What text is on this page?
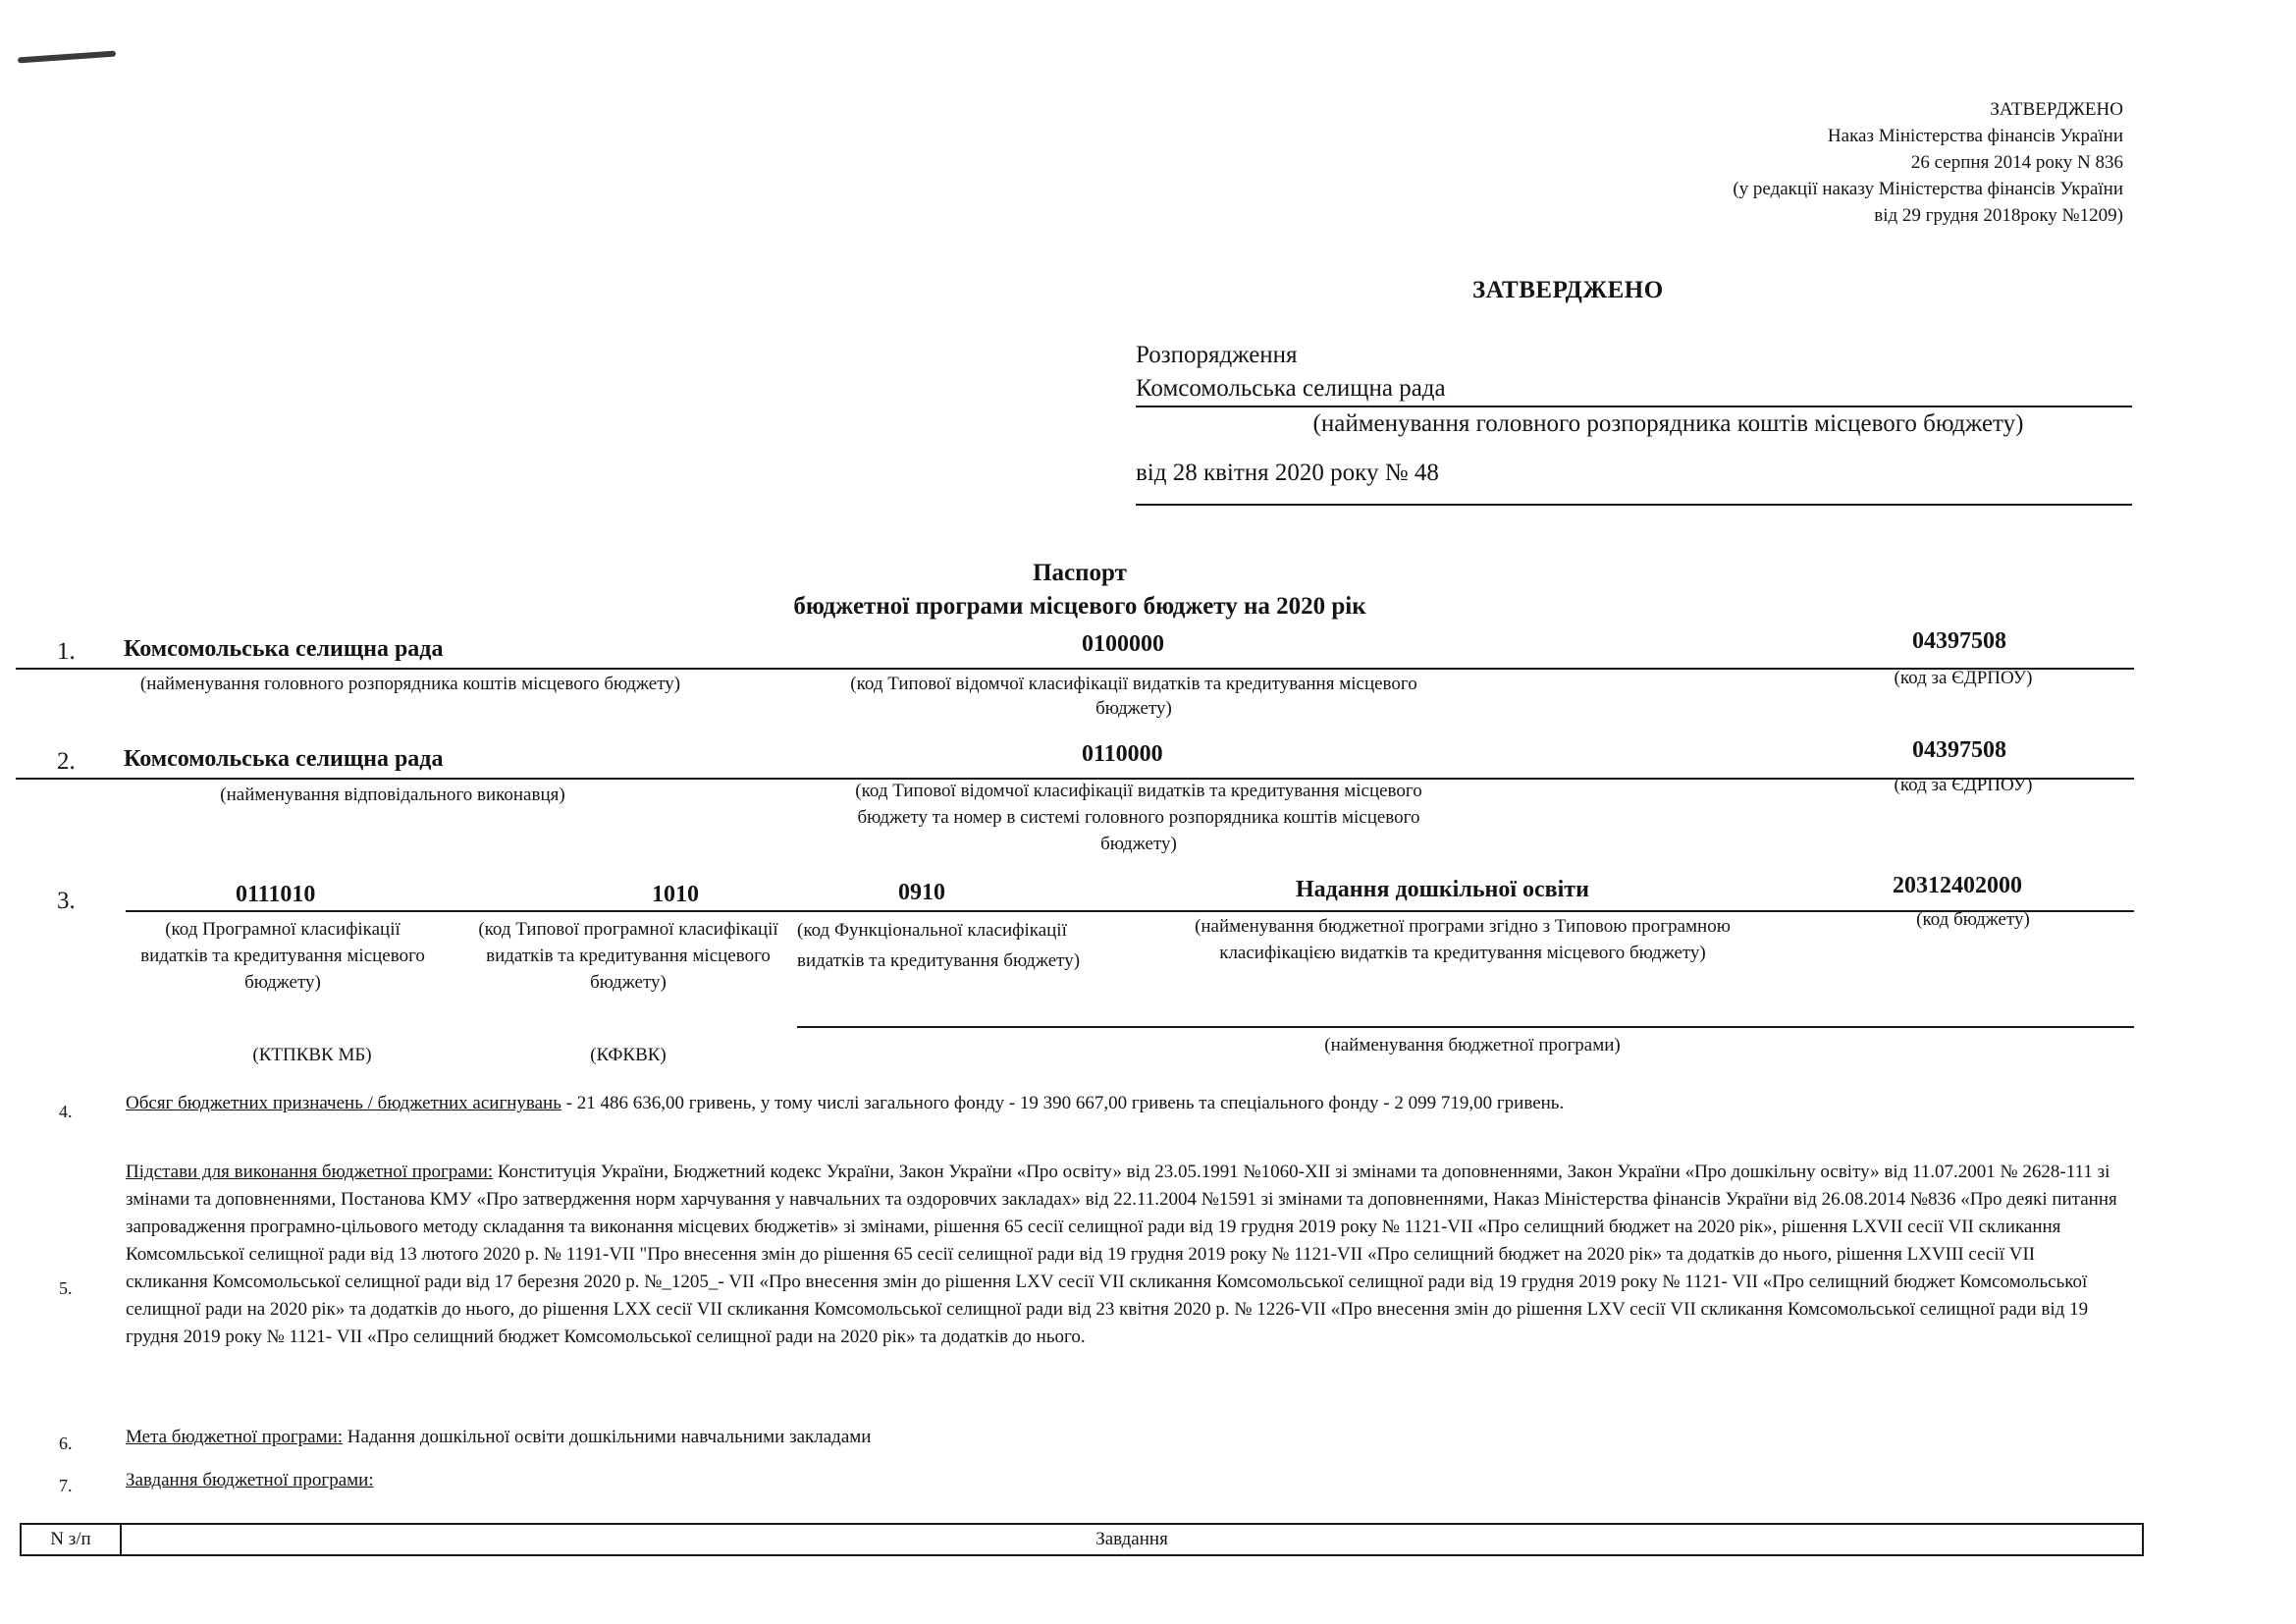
ЗАТВЕРДЖЕНО
Наказ Міністерства фінансів України
26 серпня 2014 року N 836
(у редакції наказу Міністерства фінансів України
від 29 грудня 2018року №1209)
ЗАТВЕРДЖЕНО
Розпорядження
Комсомольська селищна рада
(найменування головного розпорядника коштів місцевого бюджету)
від 28 квітня 2020 року № 48
Паспорт
бюджетної програми місцевого бюджету на 2020 рік
1. Комсомольська селищна рада	0100000	04397508
(найменування головного розпорядника коштів місцевого бюджету)	(код Типової відомчої класифікації видатків та кредитування місцевого бюджету)
(код за ЄДРПОУ)
2. Комсомольська селищна рада	0110000	04397508
(найменування відповідального виконавця)	(код Типової відомчої класифікації видатків та кредитування місцевого бюджету та номер в системі головного розпорядника коштів місцевого бюджету)
(код за ЄДРПОУ)
3.	0111010	1010	0910	Надання дошкільної освіти	20312402000
(код Програмної класифікації видатків та кредитування місцевого бюджету)
(код Типової програмної класифікації видатків та кредитування місцевого бюджету)
(код Функціональної класифікації видатків та кредитування бюджету)
(найменування бюджетної програми згідно з Типовою програмною класифікацією видатків та кредитування місцевого бюджету)
(код бюджету)
(КТПКВК МБ)	(КФКВК)	(найменування бюджетної програми)
4.	Обсяг бюджетних призначень / бюджетних асигнувань - 21 486 636,00 гривень, у тому числі загального фонду - 19 390 667,00 гривень та спеціального фонду - 2 099 719,00 гривень.
5.
Підстави для виконання бюджетної програми: Конституція України, Бюджетний кодекс України, Закон України «Про освіту» від 23.05.1991 №1060-ХІІ зі змінами та доповненнями, Закон України «Про дошкільну освіту» від 11.07.2001 № 2628-111 зі змінами та доповненнями, Постанова КМУ «Про затвердження норм харчування у навчальних та оздоровчих закладах» від 22.11.2004 №1591 зі змінами та доповненнями, Наказ Міністерства фінансів України від 26.08.2014 №836 «Про деякі питання запровадження програмно-цільового методу складання та виконання місцевих бюджетів» зі змінами, рішення 65 сесії селищної ради від 19 грудня 2019 року № 1121-VII «Про селищний бюджет на 2020 рік», рішення LXVII сесії VII скликання Комсомльської селищної ради від 13 лютого 2020 р. № 1191-VII "Про внесення змін до рішення 65 сесії селищної ради від 19 грудня 2019 року № 1121-VII «Про селищний бюджет на 2020 рік» та додатків до нього, рішення LXVIII сесії VII скликання Комсомольської селищної ради від 17 березня 2020 р. №_1205_- VII «Про внесення змін до рішення LXV сесії VII скликання Комсомольської селищної ради від 19 грудня 2019 року № 1121- VII «Про селищний бюджет Комсомольської селищної ради на 2020 рік» та додатків до нього, до рішення LXX сесії VII скликання Комсомольської селищної ради від 23 квітня 2020 р. № 1226-VII «Про внесення змін до рішення LXV сесії VII скликання Комсомольської селищної ради від 19 грудня 2019 року № 1121- VII «Про селищний бюджет Комсомольської селищної ради на 2020 рік» та додатків до нього.
6.	Мета бюджетної програми: Надання дошкільної освіти дошкільними навчальними закладами
7.	Завдання бюджетної програми:
N з/п	Завдання
